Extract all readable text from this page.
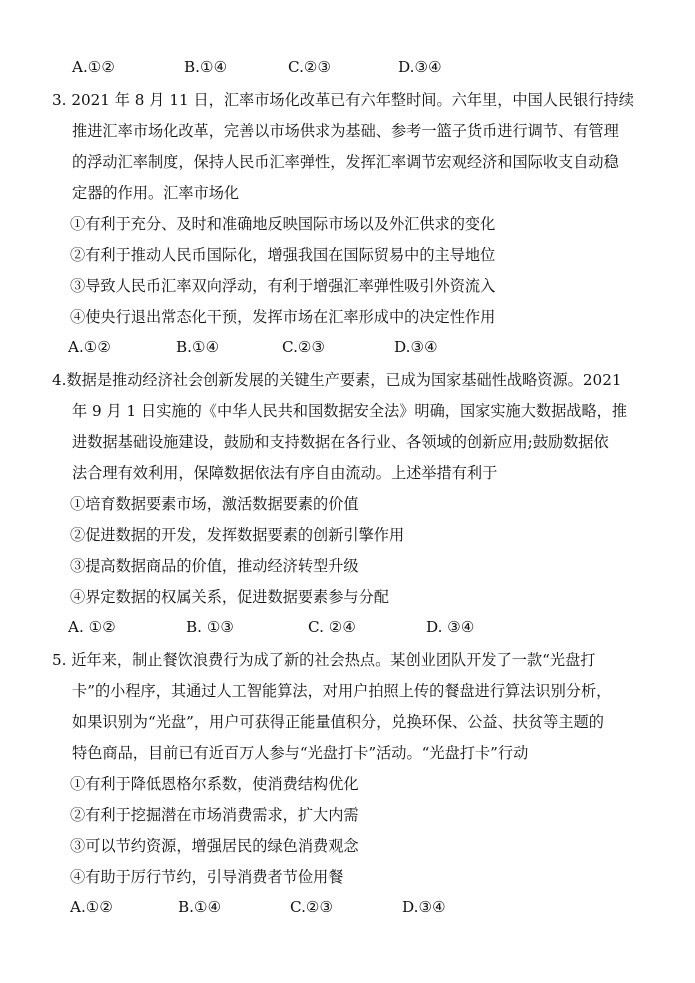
A.①②	B.①④	C.②③	D.③④
3. 2021 年 8 月 11 日，汇率市场化改革已有六年整时间。六年里，中国人民银行持续
推进汇率市场化改革，完善以市场供求为基础、参考一篮子货币进行调节、有管理
的浮动汇率制度，保持人民币汇率弹性，发挥汇率调节宏观经济和国际收支自动稳
定器的作用。汇率市场化
①有利于充分、及时和准确地反映国际市场以及外汇供求的变化
②有利于推动人民币国际化，增强我国在国际贸易中的主导地位
③导致人民币汇率双向浮动，有利于增强汇率弹性吸引外资流入
④使央行退出常态化干预，发挥市场在汇率形成中的决定性作用
A.①②	B.①④	C.②③	D.③④
4.数据是推动经济社会创新发展的关键生产要素，已成为国家基础性战略资源。2021
年 9 月 1 日实施的《中华人民共和国数据安全法》明确，国家实施大数据战略，推
进数据基础设施建设，鼓励和支持数据在各行业、各领域的创新应用;鼓励数据依
法合理有效利用，保障数据依法有序自由流动。上述举措有利于
①培育数据要素市场，激活数据要素的价值
②促进数据的开发，发挥数据要素的创新引擎作用
③提高数据商品的价值，推动经济转型升级
④界定数据的权属关系，促进数据要素参与分配
A. ①②	B. ①③	C. ②④	D. ③④
5. 近年来，制止餐饮浪费行为成了新的社会热点。某创业团队开发了一款“光盘打
卡”的小程序，其通过人工智能算法，对用户拍照上传的餐盘进行算法识别分析，
如果识别为“光盘”，用户可获得正能量值积分，兑换环保、公益、扶贫等主题的
特色商品，目前已有近百万人参与“光盘打卡”活动。“光盘打卡”行动
①有利于降低恩格尔系数，使消费结构优化
②有利于挖掘潜在市场消费需求，扩大内需
③可以节约资源，增强居民的绿色消费观念
④有助于厉行节约，引导消费者节俭用餐
A.①②	B.①④	C.②③	D.③④
